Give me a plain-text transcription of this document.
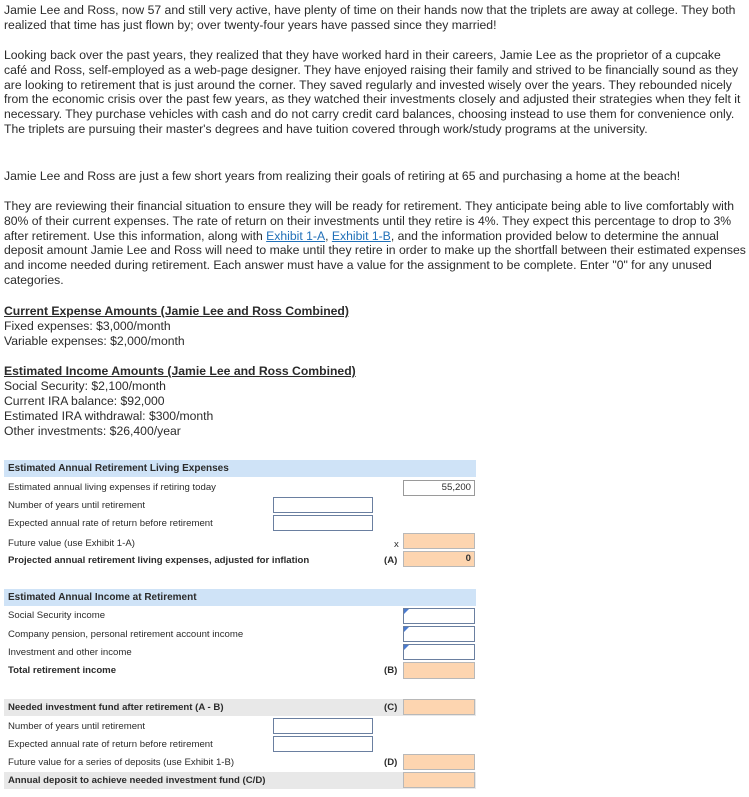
Jamie Lee and Ross, now 57 and still very active, have plenty of time on their hands now that the triplets are away at college. They both realized that time has just flown by; over twenty-four years have passed since they married!

Looking back over the past years, they realized that they have worked hard in their careers, Jamie Lee as the proprietor of a cupcake café and Ross, self-employed as a web-page designer. They have enjoyed raising their family and strived to be financially sound as they are looking to retirement that is just around the corner. They saved regularly and invested wisely over the years. They rebounded nicely from the economic crisis over the past few years, as they watched their investments closely and adjusted their strategies when they felt it necessary. They purchase vehicles with cash and do not carry credit card balances, choosing instead to use them for convenience only. The triplets are pursuing their master's degrees and have tuition covered through work/study programs at the university.

Jamie Lee and Ross are just a few short years from realizing their goals of retiring at 65 and purchasing a home at the beach!

They are reviewing their financial situation to ensure they will be ready for retirement. They anticipate being able to live comfortably with 80% of their current expenses. The rate of return on their investments until they retire is 4%. They expect this percentage to drop to 3% after retirement. Use this information, along with Exhibit 1-A, Exhibit 1-B, and the information provided below to determine the annual deposit amount Jamie Lee and Ross will need to make until they retire in order to make up the shortfall between their estimated expenses and income needed during retirement. Each answer must have a value for the assignment to be complete. Enter "0" for any unused categories.

Current Expense Amounts (Jamie Lee and Ross Combined)
Fixed expenses: $3,000/month
Variable expenses: $2,000/month
Estimated Income Amounts (Jamie Lee and Ross Combined)
Social Security: $2,100/month
Current IRA balance: $92,000
Estimated IRA withdrawal: $300/month
Other investments: $26,400/year
Estimated Annual Retirement Living Expenses
Estimated annual living expenses if retiring today	55,200
Number of years until retirement
Expected annual rate of return before retirement
Future value (use Exhibit 1-A)	x
Projected annual retirement living expenses, adjusted for inflation	(A)	0
Estimated Annual Income at Retirement
Social Security income
Company pension, personal retirement account income
Investment and other income
Total retirement income	(B)
Needed investment fund after retirement (A - B)	(C)
Number of years until retirement
Expected annual rate of return before retirement
Future value for a series of deposits (use Exhibit 1-B)	(D)
Annual deposit to achieve needed investment fund (C/D)
